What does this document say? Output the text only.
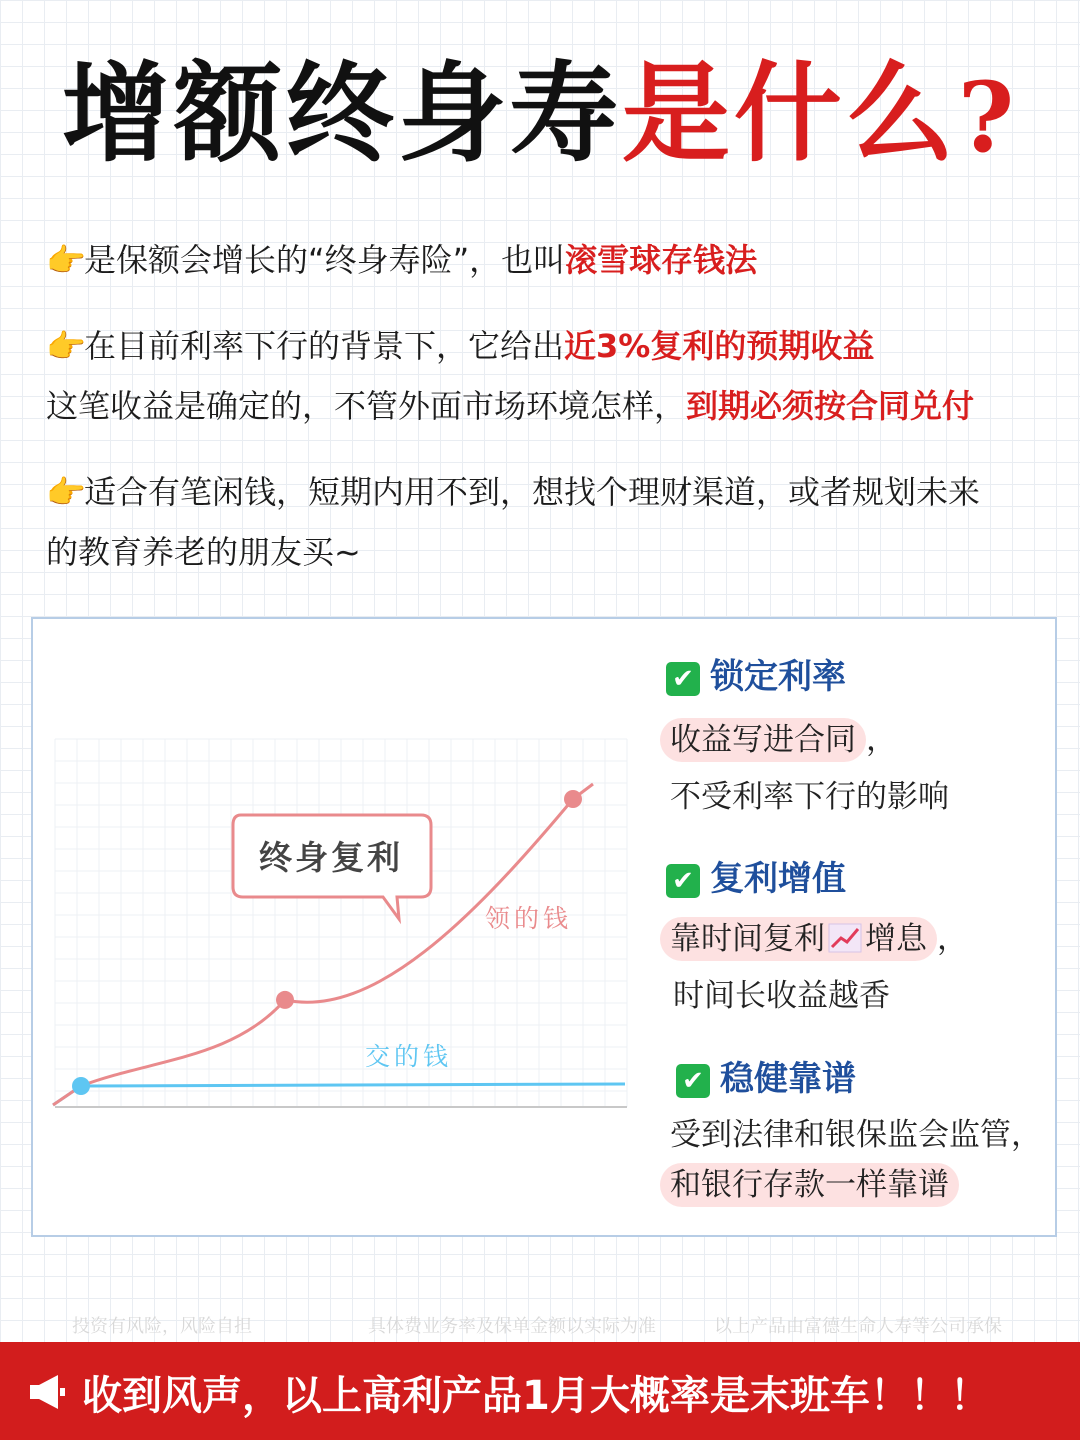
增额终身寿是什么?
👉是保额会增长的“终身寿险”，也叫滚雪球存钱法
👉在目前利率下行的背景下，它给出近3%复利的预期收益
这笔收益是确定的，不管外面市场环境怎样，到期必须按合同兑付
👉适合有笔闲钱，短期内用不到，想找个理财渠道，或者规划未来
的教育养老的朋友买~
终身复利
领的钱
交的钱
✔ 锁定利率
收益写进合同 ，
不受利率下行的影响
✔ 复利增值
靠时间复利 增息 ，
时间长收益越香
✔ 稳健靠谱
受到法律和银保监会监管，
和银行存款一样靠谱
投资有风险，风险自担	具体费业务率及保单金额以实际为准	以上产品由富德生命人寿等公司承保
收到风声，以上高利产品1月大概率是末班车！！！
